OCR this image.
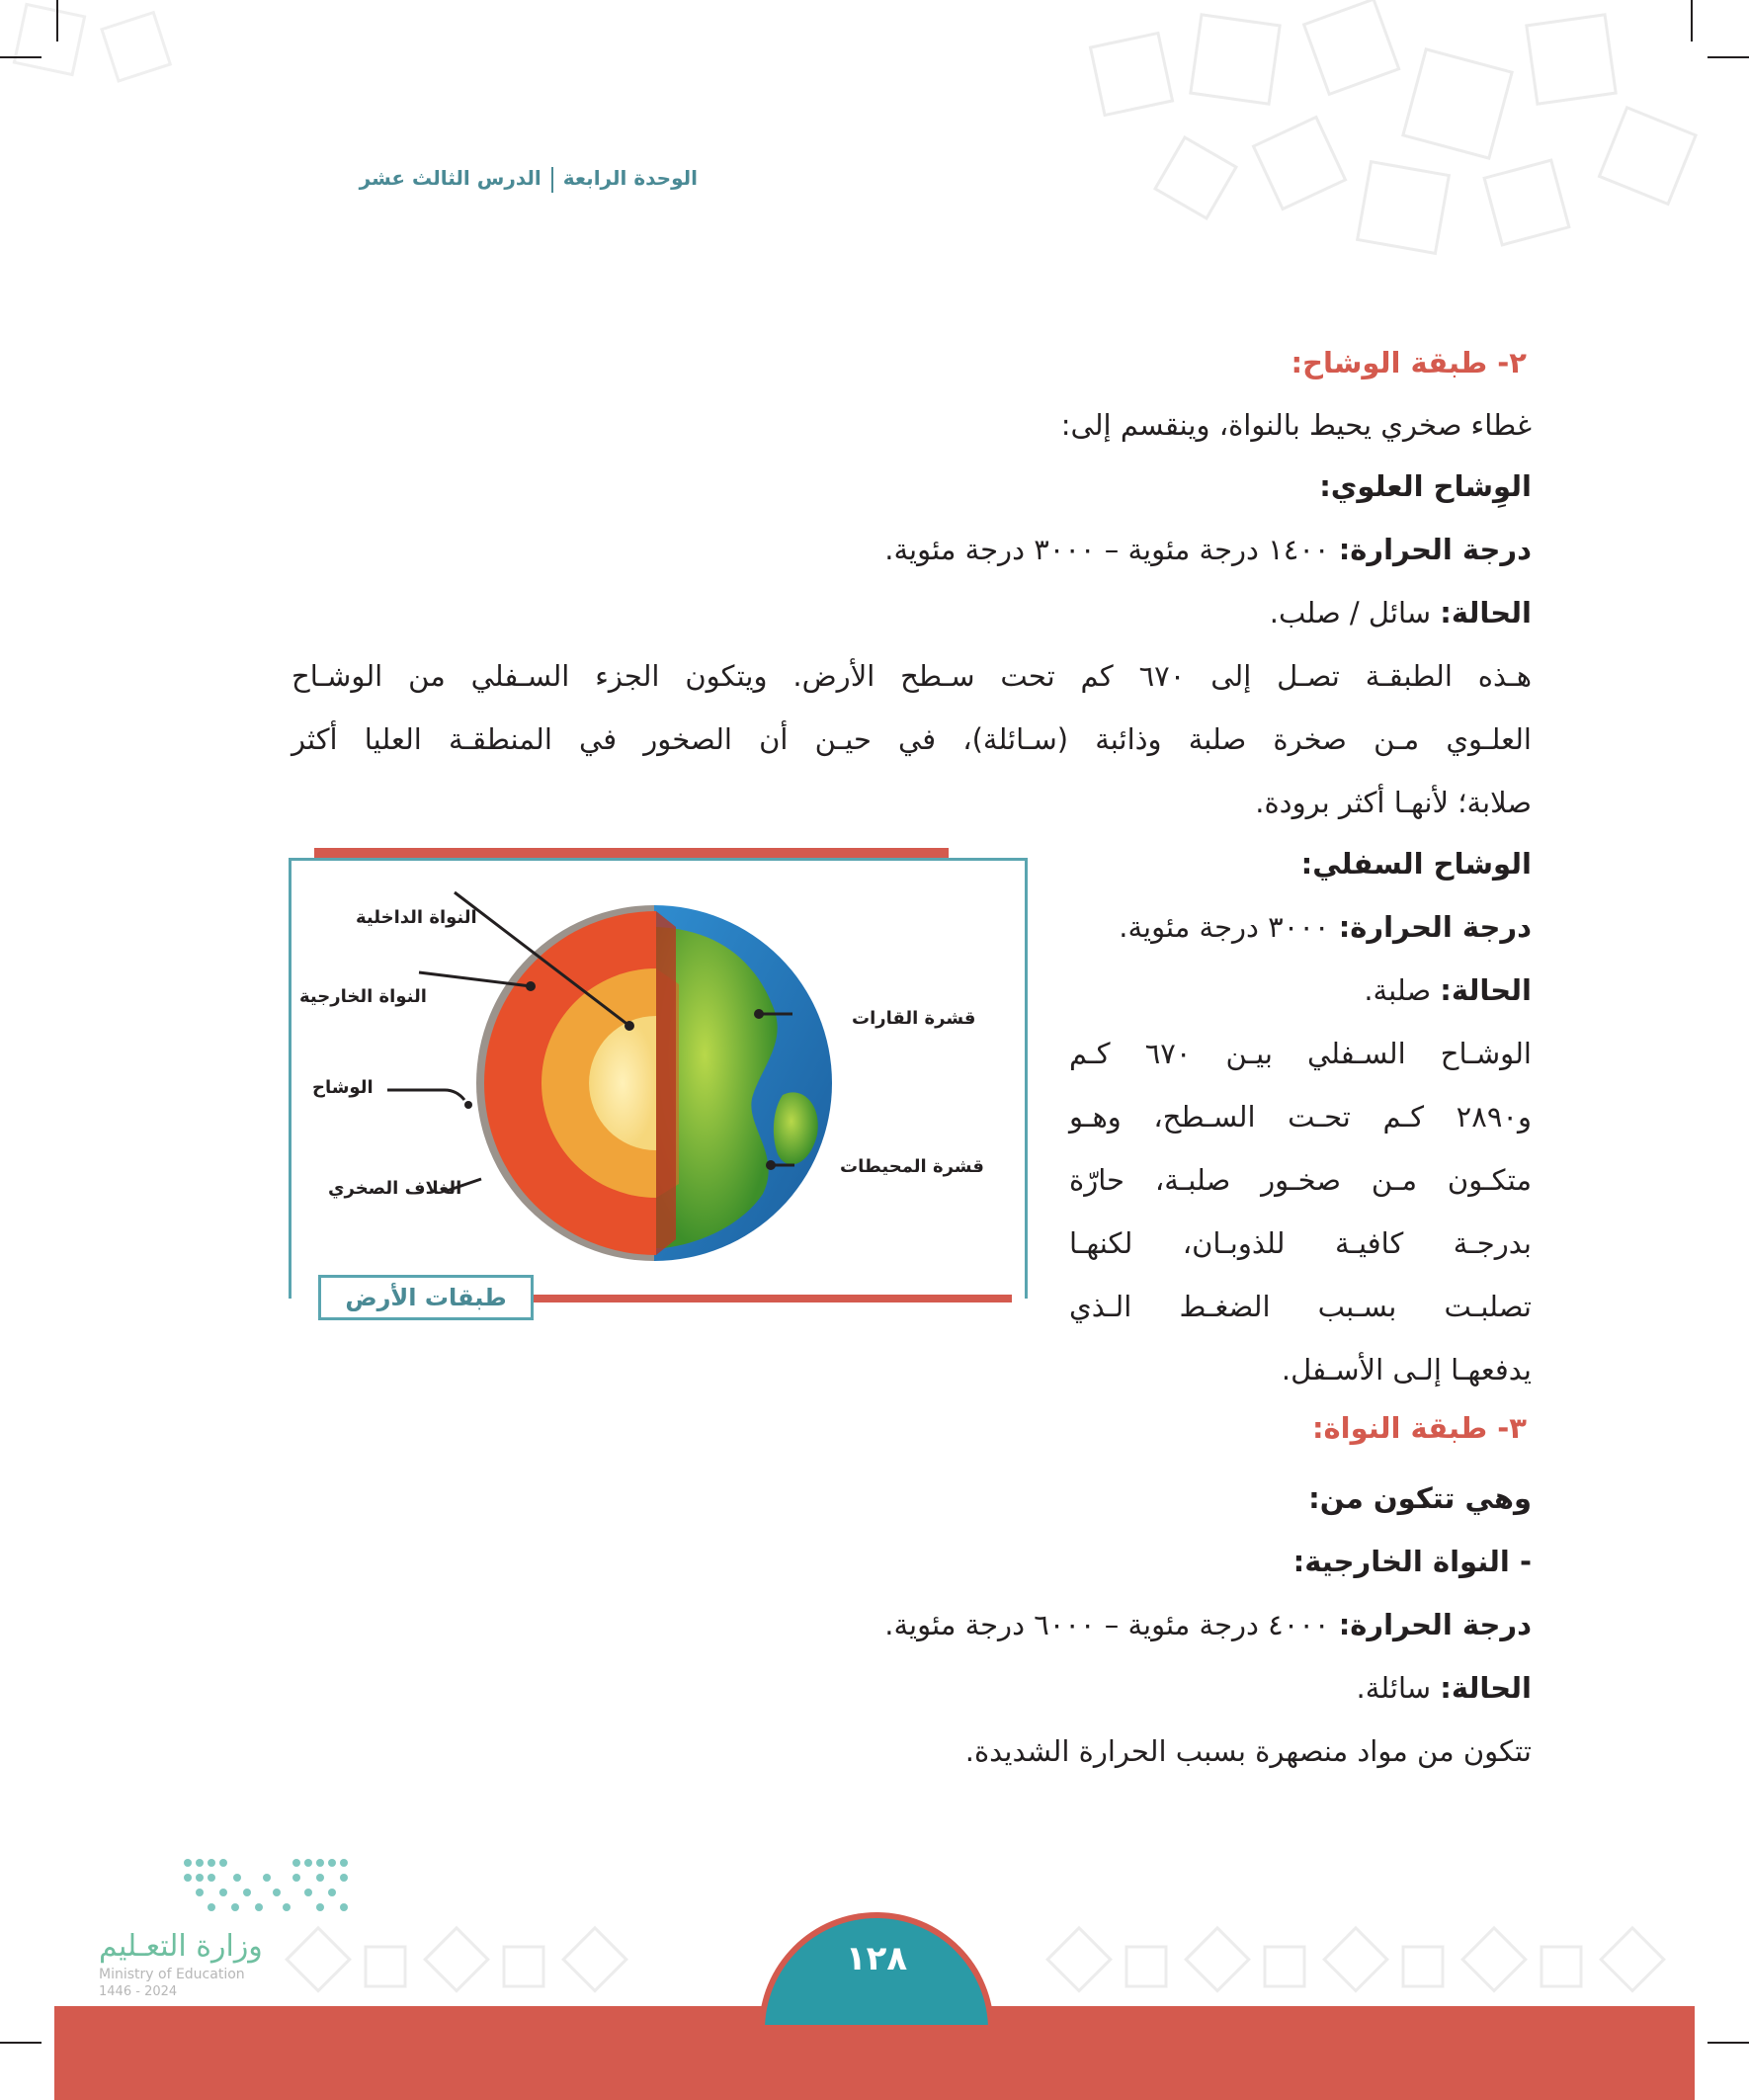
الوحدة الرابعةالدرس الثالث عشر
٢- طبقة الوشاح:
غطاء صخري يحيط بالنواة، وينقسم إلى:
الوِشاح العلوي:
درجة الحرارة: ١٤٠٠ درجة مئوية – ٣٠٠٠ درجة مئوية.
الحالة: سائل / صلب.
هـذه الطبقـة تصـل إلى ٦٧٠ كم تحت سـطح الأرض. ويتكون الجزء السـفلي من الوشـاح
العلـوي مـن صخرة صلبة وذائبة (سـائلة)، في حيـن أن الصخور في المنطقـة العليا أكثر
صلابة؛ لأنهـا أكثر برودة.
الوشاح السفلي:
درجة الحرارة: ٣٠٠٠ درجة مئوية.
الحالة: صلبة.
الوشـاح السـفلي بيـن ٦٧٠ كـم
و٢٨٩٠ كـم تحـت السـطح، وهـو
متكـون مـن صخـور صلبـة، حارّة
بدرجـة كافيـة للذوبـان، لكنهـا
تصلبـت بسـبب الضغـط الـذي
يدفعهـا إلـى الأسـفل.
النواة الداخلية
النواة الخارجية
الوشاح
الغلاف الصخري
قشرة القارات
قشرة المحيطات
طبقات الأرض
٣- طبقة النواة:
وهي تتكون من:
- النواة الخارجية:
درجة الحرارة: ٤٠٠٠ درجة مئوية – ٦٠٠٠ درجة مئوية.
الحالة: سائلة.
تتكون من مواد منصهرة بسبب الحرارة الشديدة.
وزارة التعـليم
Ministry of Education
2024 - 1446
١٢٨
